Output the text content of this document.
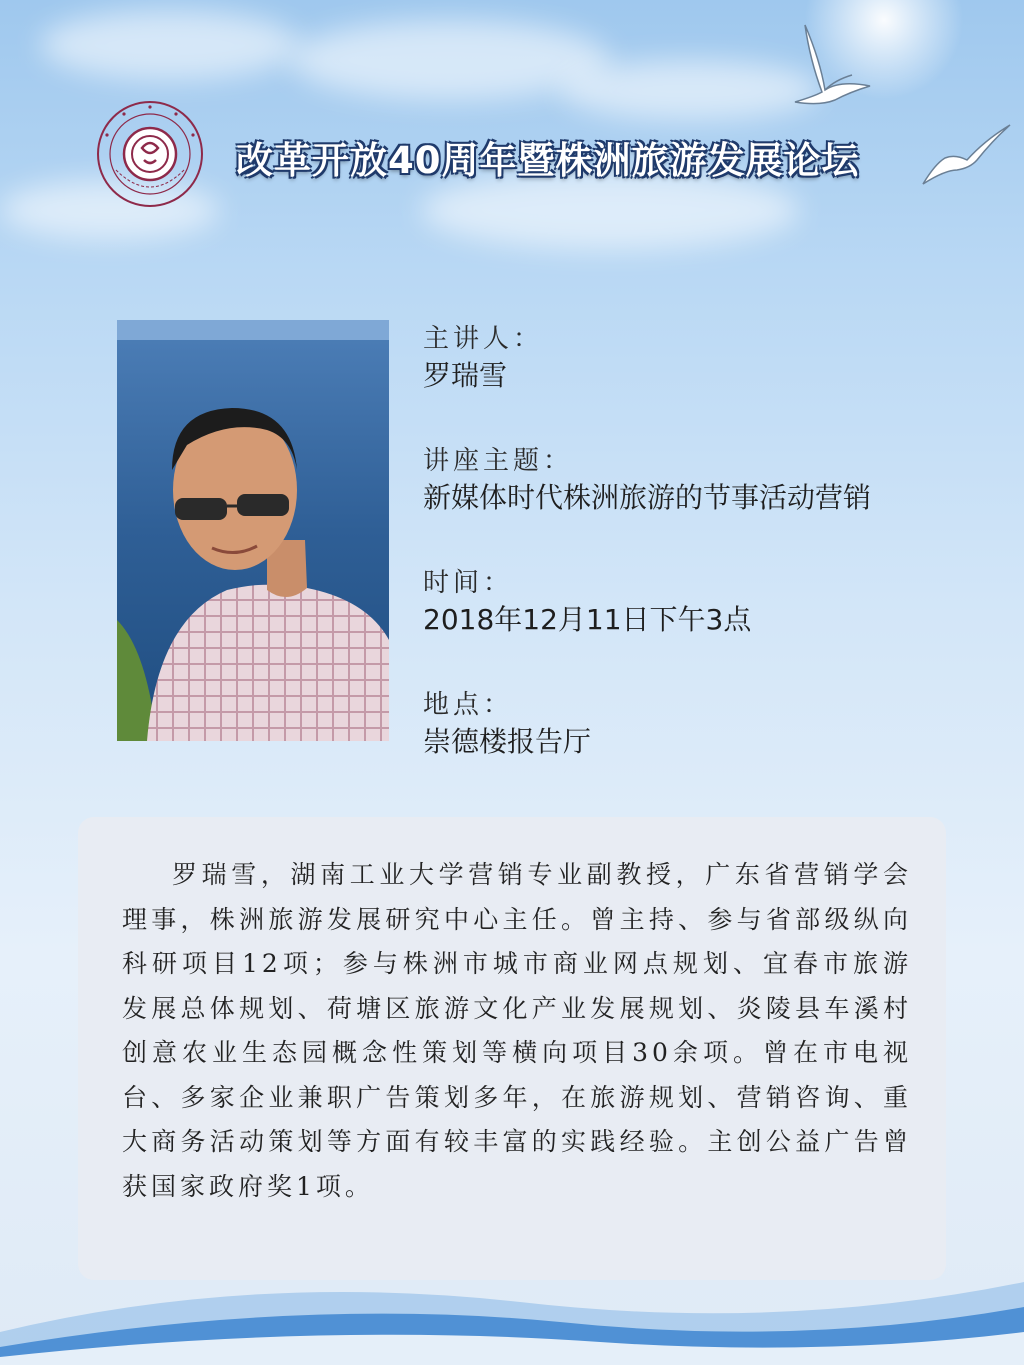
改革开放40周年暨株洲旅游发展论坛
主讲人：
罗瑞雪
讲座主题：
新媒体时代株洲旅游的节事活动营销
时间：
2018年12月11日下午3点
地点：
崇德楼报告厅

罗瑞雪，湖南工业大学营销专业副教授，广东省营销学会理事，株洲旅游发展研究中心主任。曾主持、参与省部级纵向科研项目12项；参与株洲市城市商业网点规划、宜春市旅游发展总体规划、荷塘区旅游文化产业发展规划、炎陵县车溪村创意农业生态园概念性策划等横向项目30余项。曾在市电视台、多家企业兼职广告策划多年，在旅游规划、营销咨询、重大商务活动策划等方面有较丰富的实践经验。主创公益广告曾获国家政府奖1项。
